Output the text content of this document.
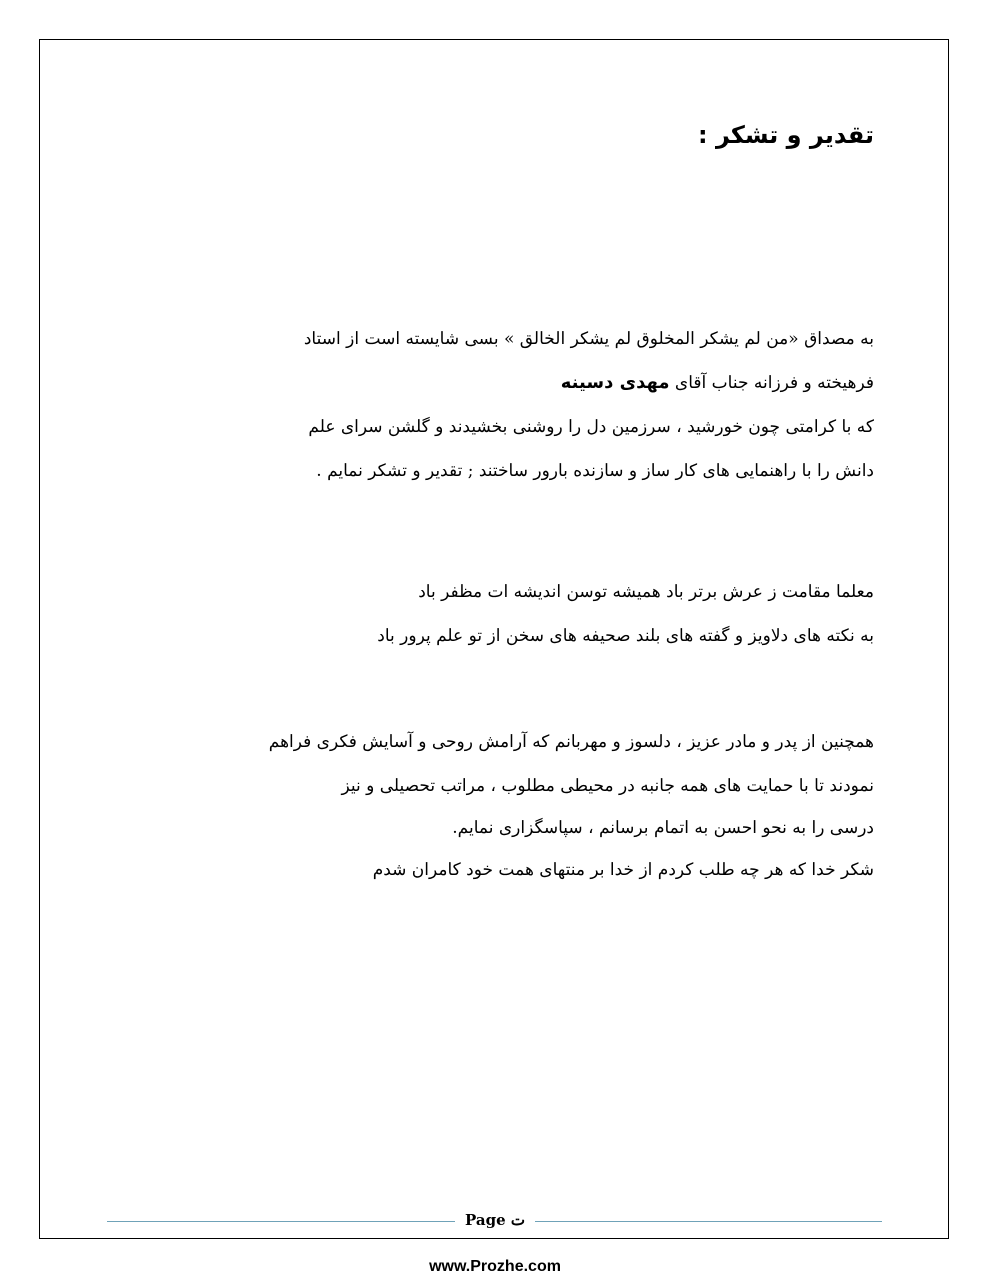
تقدیر و تشکر :
به مصداق «من لم یشکر المخلوق لم یشکر الخالق » بسی شایسته است از استاد
فرهیخته و فرزانه جناب آقای مهدی دسینه
که با کرامتی چون خورشید ، سرزمین دل را روشنی بخشیدند و گلشن سرای علم
دانش را با راهنمایی های کار ساز و سازنده بارور ساختند ; تقدیر و تشکر نمایم .
معلما مقامت ز عرش برتر باد همیشه توسن اندیشه ات مظفر باد
به نکته های دلاویز و گفته های بلند صحیفه های سخن از تو علم پرور باد
همچنین از پدر و مادر عزیز ، دلسوز و مهربانم که آرامش روحی و آسایش فکری فراهم
نمودند تا با حمایت های همه جانبه در محیطی مطلوب ، مراتب تحصیلی و نیز
درسی را به نحو احسن به اتمام برسانم ، سپاسگزاری نمایم.
شکر خدا که هر چه طلب کردم از خدا بر منتهای همت خود کامران شدم
Page ت
www.Prozhe.com
